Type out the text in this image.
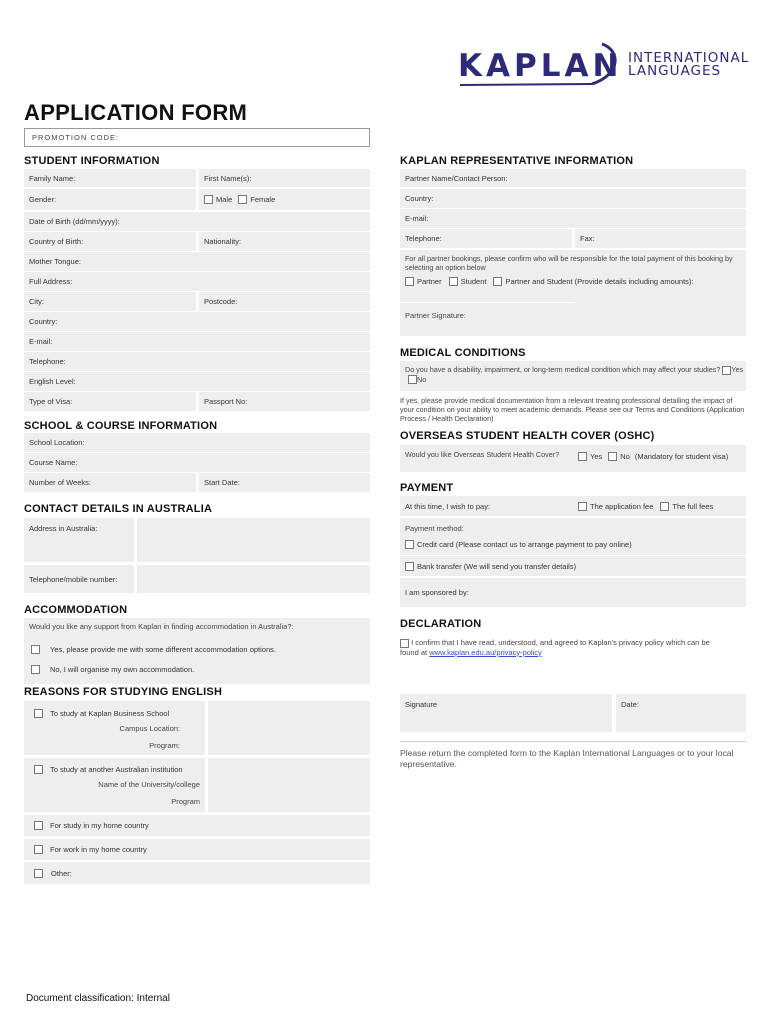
KAPLAN INTERNATIONAL
LANGUAGES
APPLICATION FORM
PROMOTION CODE:
STUDENT INFORMATION
Family Name:	First Name(s):
Gender:	Male Female
Date of Birth (dd/mm/yyyy):
Country of Birth:	Nationality:
Mother Tongue:
Full Address:
City:	Postcode:
Country:
E-mail:
Telephone:
English Level:
Type of Visa:	Passport No:
SCHOOL & COURSE INFORMATION
School Location:
Course Name:
Number of Weeks:	Start Date:
CONTACT DETAILS IN AUSTRALIA
Address in Australia:
Telephone/mobile number:
ACCOMMODATION
Would you like any support from Kaplan in finding accommodation in Australia?:
Yes, please provide me with some different accommodation options.
No, I will organise my own accommodation.
REASONS FOR STUDYING ENGLISH
To study at Kaplan Business School
Campus Location:
Program:
To study at another Australian institution
Name of the University/college
Program
For study in my home country
For work in my home country
Other:
KAPLAN REPRESENTATIVE INFORMATION
Partner Name/Contact Person:
Country:
E-mail:
Telephone:	Fax:
For all partner bookings, please confirm who will be responsible for the total payment of this booking by selecting an option below
Partner	Student	Partner and Student (Provide details including amounts):
Partner Signature:
MEDICAL CONDITIONS
Do you have a disability, impairment, or long-term medical condition which may affect your studies? Yes No
If yes, please provide medical documentation from a relevant treating professional detailing the impact of your condition on your ability to meet academic demands. Please see our Terms and Conditions (Application Process / Health Declaration)
OVERSEAS STUDENT HEALTH COVER (OSHC)
Would you like Overseas Student Health Cover?	Yes No (Mandatory for student visa)
PAYMENT
At this time, I wish to pay:	The application fee	The full fees
Payment method:
Credit card (Please contact us to arrange payment to pay online)
Bank transfer (We will send you transfer details)
I am sponsored by:
DECLARATION
I confirm that I have read, understood, and agreed to Kaplan's privacy policy which can be found at www.kaplan.edu.au/privacy-policy
Signature	Date:
Please return the completed form to the Kaplan International Languages or to your local representative.
Document classification: Internal
